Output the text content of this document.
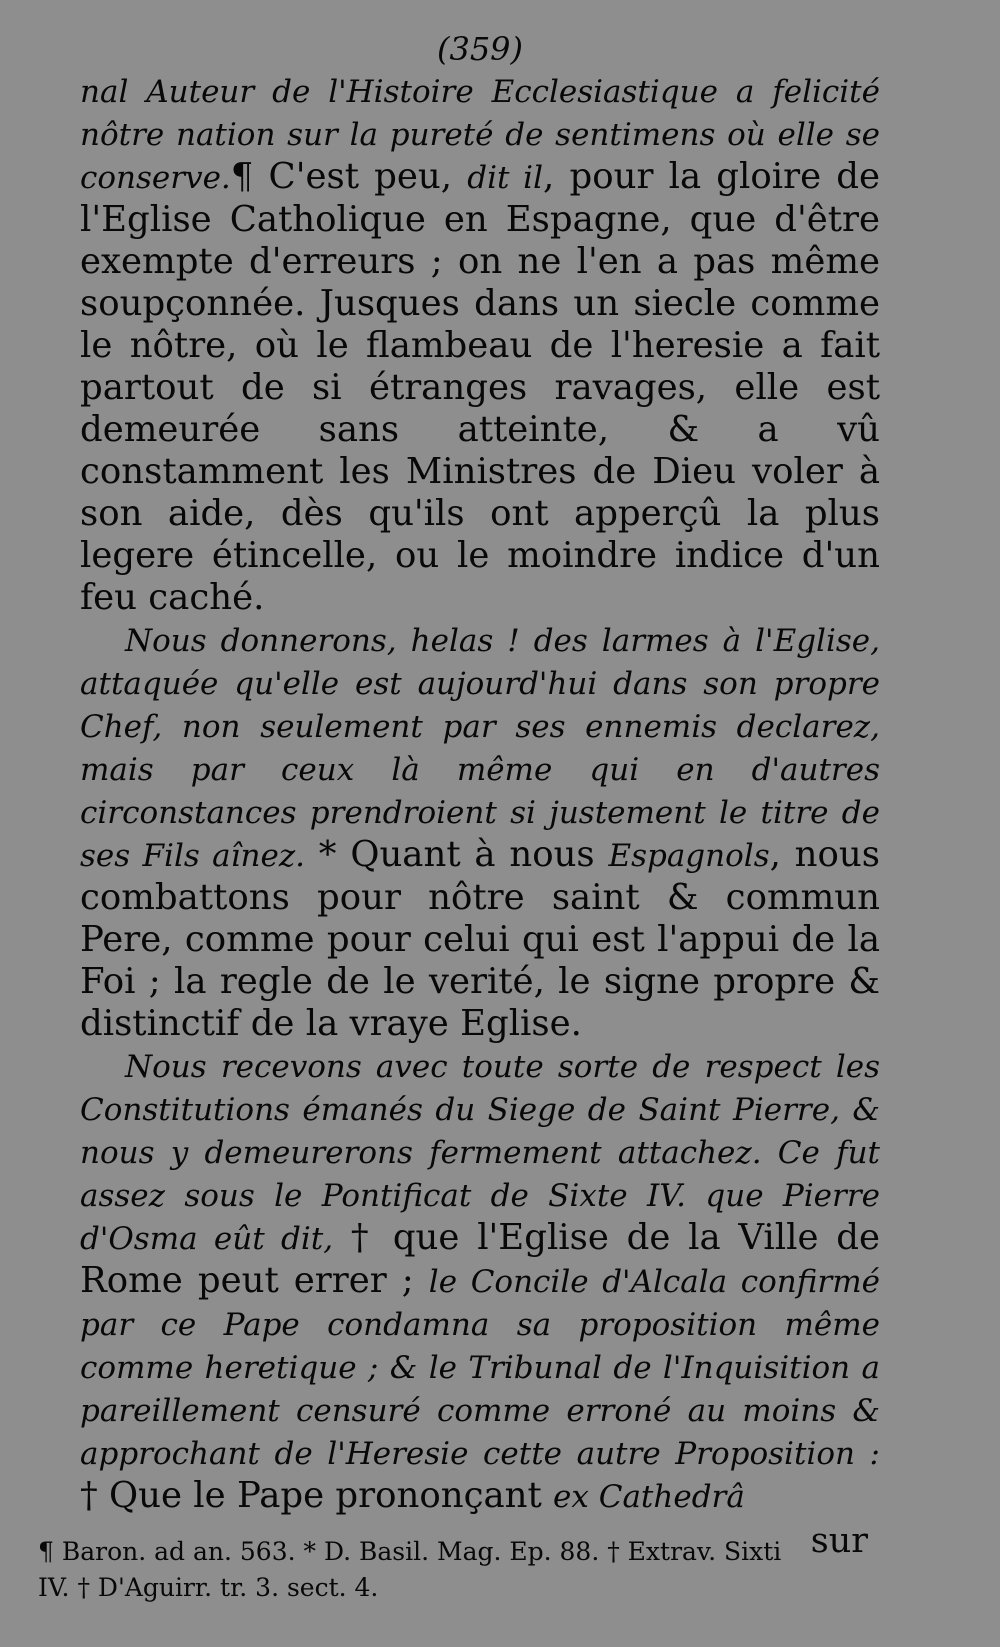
(359)

nal Auteur de l'Histoire Ecclesiastique a felicité nôtre nation sur la pureté de sentimens où elle se conserve.¶ C'est peu, dit il, pour la gloire de l'Eglise Catholique en Espagne, que d'être exempte d'erreurs ; on ne l'en a pas même soupçonnée. Jusques dans un siecle comme le nôtre, où le flambeau de l'heresie a fait partout de si étranges ravages, elle est demeurée sans atteinte, & a vû constamment les Ministres de Dieu voler à son aide, dès qu'ils ont apperçû la plus legere étincelle, ou le moindre indice d'un feu caché.

Nous donnerons, helas ! des larmes à l'Eglise, attaquée qu'elle est aujourd'hui dans son propre Chef, non seulement par ses ennemis declarez, mais par ceux là même qui en d'autres circonstances prendroient si justement le titre de ses Fils aînez. * Quant à nous Espagnols, nous combattons pour nôtre saint & commun Pere, comme pour celui qui est l'appui de la Foi ; la regle de le verité, le signe propre & distinctif de la vraye Eglise.

Nous recevons avec toute sorte de respect les Constitutions émanés du Siege de Saint Pierre, & nous y demeurerons fermement attachez. Ce fut assez sous le Pontificat de Sixte IV. que Pierre d'Osma eût dit, † que l'Eglise de la Ville de Rome peut errer ; le Concile d'Alcala confirmé par ce Pape condamna sa proposition même comme heretique ; & le Tribunal de l'Inquisition a pareillement censuré comme erroné au moins & approchant de l'Heresie cette autre Proposition : † Que le Pape prononçant ex Cathedrâ

sur
¶ Baron. ad an. 563. * D. Basil. Mag. Ep. 88. † Extrav. Sixti IV. † D'Aguirr. tr. 3. sect. 4.
